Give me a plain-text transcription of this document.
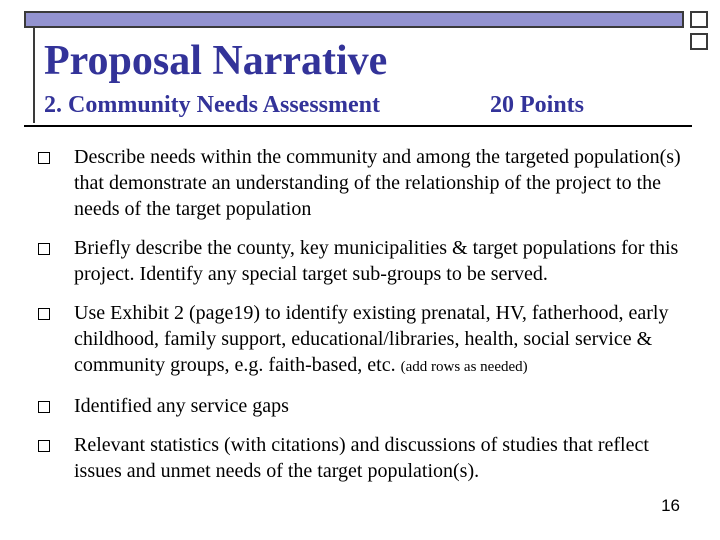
Proposal Narrative
2. Community Needs Assessment	20 Points
Describe needs within the community and among the targeted population(s) that demonstrate an understanding of the relationship of the project to the needs of the target population
Briefly describe the county, key municipalities & target populations for this project. Identify any special target sub-groups to be served.
Use Exhibit 2 (page19) to identify existing prenatal, HV, fatherhood, early childhood, family support, educational/libraries, health, social service & community groups, e.g. faith-based, etc. (add rows as needed)
Identified any service gaps
Relevant statistics (with citations) and discussions of studies that reflect issues and unmet needs of the target population(s).
16
